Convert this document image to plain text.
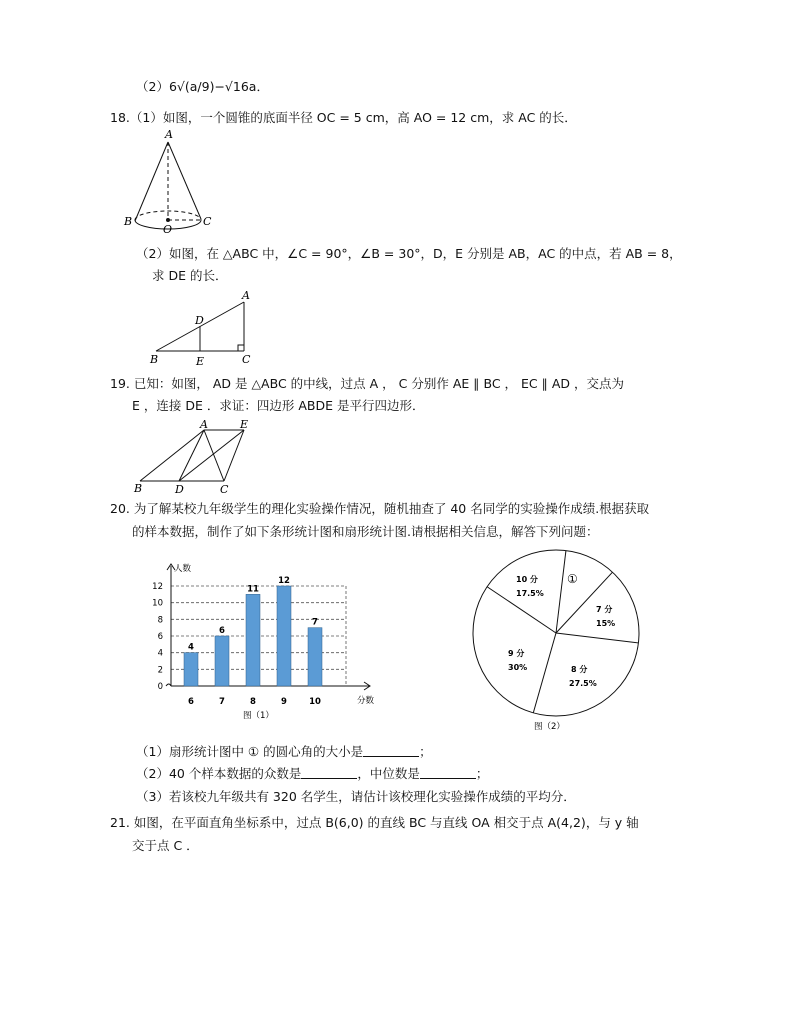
（2）6√(a/9)−√16a．
18.（1）如图，一个圆锥的底面半径 OC = 5 cm，高 AO = 12 cm，求 AC 的长．
A
B	C
O
（2）如图，在 △ABC 中，∠C = 90°，∠B = 30°，D，E 分别是 AB，AC 的中点，若 AB = 8，
求 DE 的长．
A
B	C
D
E
19. 已知：如图， AD 是 △ABC 的中线，过点 A ， C 分别作 AE ∥ BC ， EC ∥ AD ，交点为
E ，连接 DE ．求证：四边形 ABDE 是平行四边形．
A	E
B	D	C
20. 为了解某校九年级学生的理化实验操作情况，随机抽查了 40 名同学的实验操作成绩.根据获取
的样本数据，制作了如下条形统计图和扇形统计图.请根据相关信息，解答下列问题：
人数
分数
图（1）
0
2
4
6
8
10
12
4
6
6
7
11
8
12
9
7
10
10 分
17.5%
①
7 分
15%
8 分
27.5%
9 分
30%
图（2）
（1）扇形统计图中 ① 的圆心角的大小是	；
（2）40 个样本数据的众数是	，中位数是	；
（3）若该校九年级共有 320 名学生，请估计该校理化实验操作成绩的平均分．
21. 如图，在平面直角坐标系中，过点 B(6,0) 的直线 BC 与直线 OA 相交于点 A(4,2)，与 y 轴
交于点 C ．
